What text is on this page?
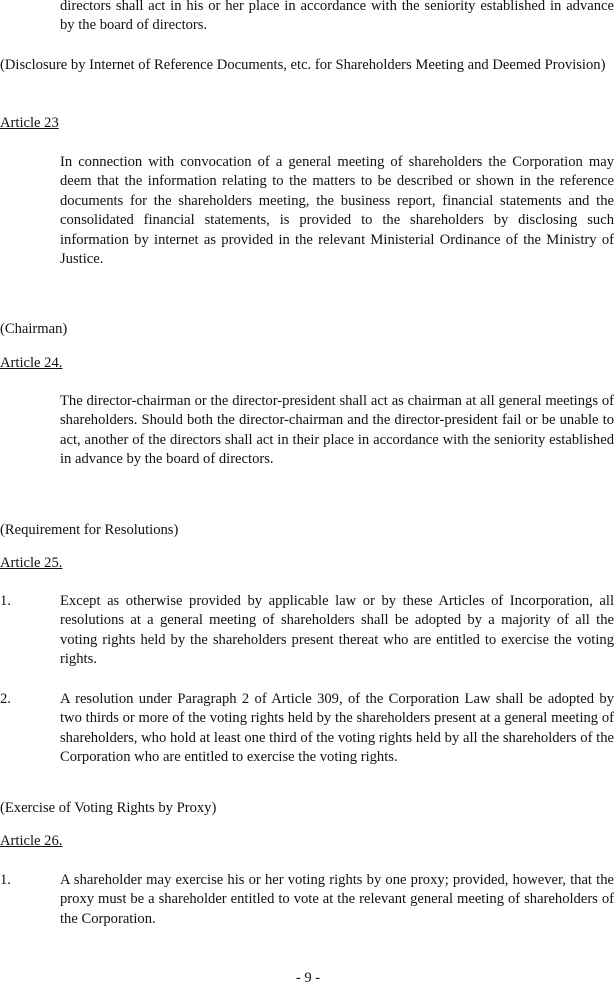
directors shall act in his or her place in accordance with the seniority established in advance by the board of directors.
(Disclosure by Internet of Reference Documents, etc. for Shareholders Meeting and Deemed Provision)
Article 23
In connection with convocation of a general meeting of shareholders the Corporation may deem that the information relating to the matters to be described or shown in the reference documents for the shareholders meeting, the business report, financial statements and the consolidated financial statements, is provided to the shareholders by disclosing such information by internet as provided in the relevant Ministerial Ordinance of the Ministry of Justice.
(Chairman)
Article 24.
The director-chairman or the director-president shall act as chairman at all general meetings of shareholders. Should both the director-chairman and the director-president fail or be unable to act, another of the directors shall act in their place in accordance with the seniority established in advance by the board of directors.
(Requirement for Resolutions)
Article 25.
1.	Except as otherwise provided by applicable law or by these Articles of Incorporation, all resolutions at a general meeting of shareholders shall be adopted by a majority of all the voting rights held by the shareholders present thereat who are entitled to exercise the voting rights.
2.	A resolution under Paragraph 2 of Article 309, of the Corporation Law shall be adopted by two thirds or more of the voting rights held by the shareholders present at a general meeting of shareholders, who hold at least one third of the voting rights held by all the shareholders of the Corporation who are entitled to exercise the voting rights.
(Exercise of Voting Rights by Proxy)
Article 26.
1.	A shareholder may exercise his or her voting rights by one proxy; provided, however, that the proxy must be a shareholder entitled to vote at the relevant general meeting of shareholders of the Corporation.
- 9 -
